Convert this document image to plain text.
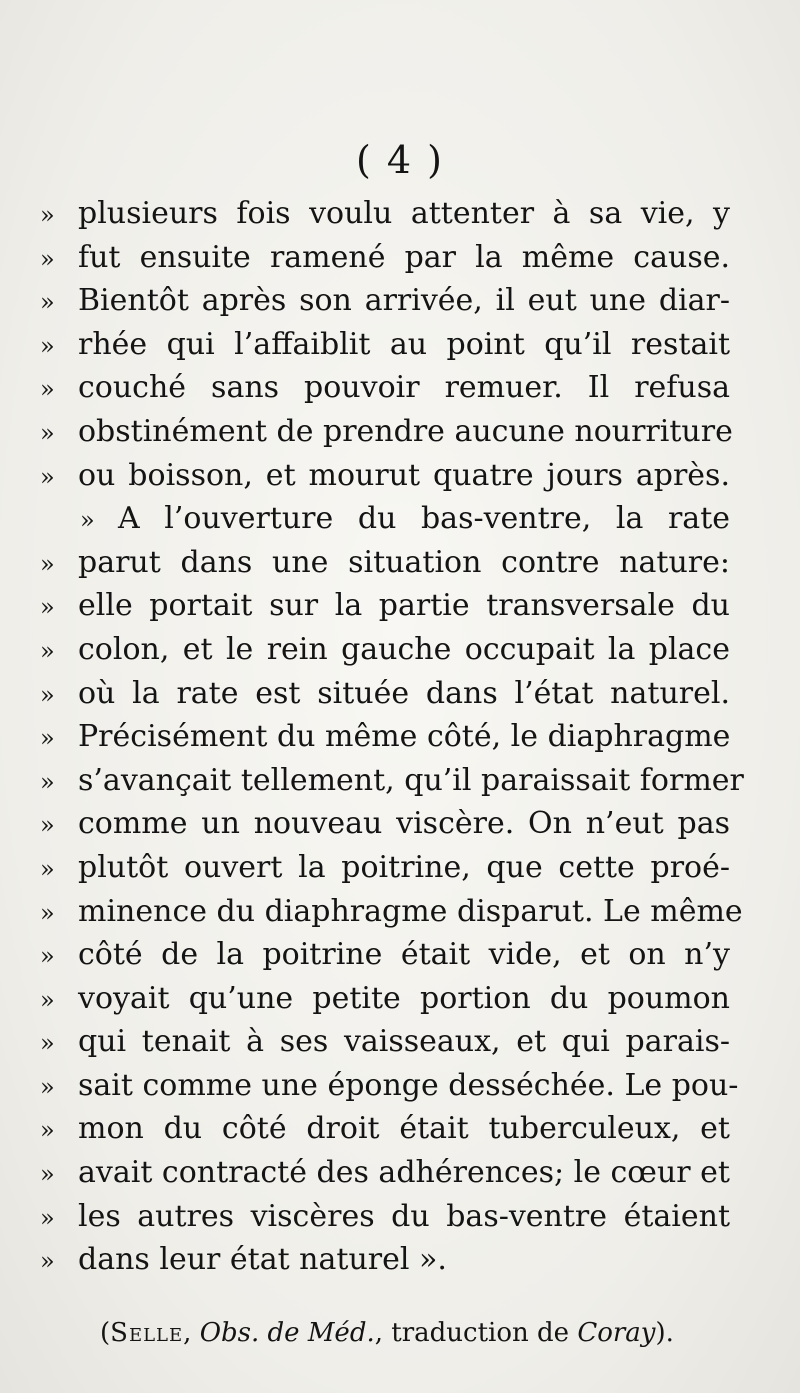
( 4 )
» plusieurs fois voulu attenter à sa vie, y
» fut ensuite ramené par la même cause.
» Bientôt après son arrivée, il eut une diar-
» rhée qui l’affaiblit au point qu’il restait
» couché sans pouvoir remuer. Il refusa
» obstinément de prendre aucune nourriture
» ou boisson, et mourut quatre jours après.
» A l’ouverture du bas-ventre, la rate
» parut dans une situation contre nature:
» elle portait sur la partie transversale du
» colon, et le rein gauche occupait la place
» où la rate est située dans l’état naturel.
» Précisément du même côté, le diaphragme
» s’avançait tellement, qu’il paraissait former
» comme un nouveau viscère. On n’eut pas
» plutôt ouvert la poitrine, que cette proé-
» minence du diaphragme disparut. Le même
» côté de la poitrine était vide, et on n’y
» voyait qu’une petite portion du poumon
» qui tenait à ses vaisseaux, et qui parais-
» sait comme une éponge desséchée. Le pou-
» mon du côté droit était tuberculeux, et
» avait contracté des adhérences; le cœur et
» les autres viscères du bas-ventre étaient
» dans leur état naturel ».
(Selle, Obs. de Méd., traduction de Coray).
